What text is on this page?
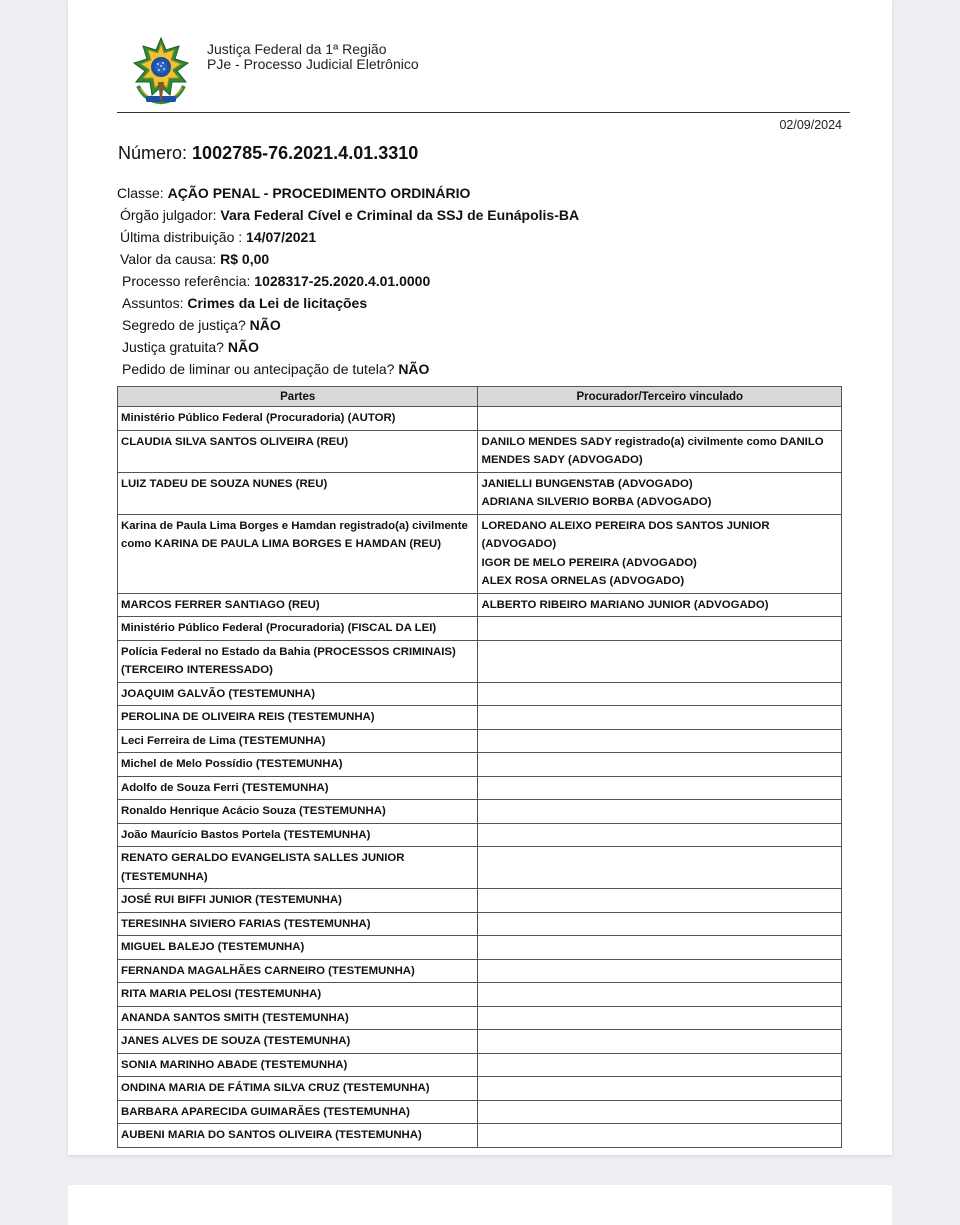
Justiça Federal da 1ª Região
PJe - Processo Judicial Eletrônico
02/09/2024
Número: 1002785-76.2021.4.01.3310
Classe: AÇÃO PENAL - PROCEDIMENTO ORDINÁRIO
Órgão julgador: Vara Federal Cível e Criminal da SSJ de Eunápolis-BA
Última distribuição : 14/07/2021
Valor da causa: R$ 0,00
Processo referência: 1028317-25.2020.4.01.0000
Assuntos: Crimes da Lei de licitações
Segredo de justiça? NÃO
Justiça gratuita? NÃO
Pedido de liminar ou antecipação de tutela? NÃO
Partes	Procurador/Terceiro vinculado
Ministério Público Federal (Procuradoria) (AUTOR)	
CLAUDIA SILVA SANTOS OLIVEIRA (REU)	DANILO MENDES SADY registrado(a) civilmente como DANILO MENDES SADY (ADVOGADO)

LUIZ TADEU DE SOUZA NUNES (REU)	JANIELLI BUNGENSTAB (ADVOGADO)
ADRIANA SILVERIO BORBA (ADVOGADO)

Karina de Paula Lima Borges e Hamdan registrado(a) civilmente como KARINA DE PAULA LIMA BORGES E HAMDAN (REU)	LOREDANO ALEIXO PEREIRA DOS SANTOS JUNIOR (ADVOGADO)
IGOR DE MELO PEREIRA (ADVOGADO)
ALEX ROSA ORNELAS (ADVOGADO)

MARCOS FERRER SANTIAGO (REU)	ALBERTO RIBEIRO MARIANO JUNIOR (ADVOGADO)

Ministério Público Federal (Procuradoria) (FISCAL DA LEI)	
Polícia Federal no Estado da Bahia (PROCESSOS CRIMINAIS) (TERCEIRO INTERESSADO)	
JOAQUIM GALVÃO (TESTEMUNHA)	
PEROLINA DE OLIVEIRA REIS (TESTEMUNHA)	
Leci Ferreira de Lima (TESTEMUNHA)	
Michel de Melo Possídio (TESTEMUNHA)	
Adolfo de Souza Ferri (TESTEMUNHA)	
Ronaldo Henrique Acácio Souza (TESTEMUNHA)	
João Maurício Bastos Portela (TESTEMUNHA)	
RENATO GERALDO EVANGELISTA SALLES JUNIOR (TESTEMUNHA)	
JOSÉ RUI BIFFI JUNIOR (TESTEMUNHA)	
TERESINHA SIVIERO FARIAS (TESTEMUNHA)	
MIGUEL BALEJO (TESTEMUNHA)	
FERNANDA MAGALHÃES CARNEIRO (TESTEMUNHA)	
RITA MARIA PELOSI (TESTEMUNHA)	
ANANDA SANTOS SMITH (TESTEMUNHA)	
JANES ALVES DE SOUZA (TESTEMUNHA)	
SONIA MARINHO ABADE (TESTEMUNHA)	
ONDINA MARIA DE FÁTIMA SILVA CRUZ (TESTEMUNHA)	
BARBARA APARECIDA GUIMARÃES (TESTEMUNHA)	
AUBENI MARIA DO SANTOS OLIVEIRA (TESTEMUNHA)	
